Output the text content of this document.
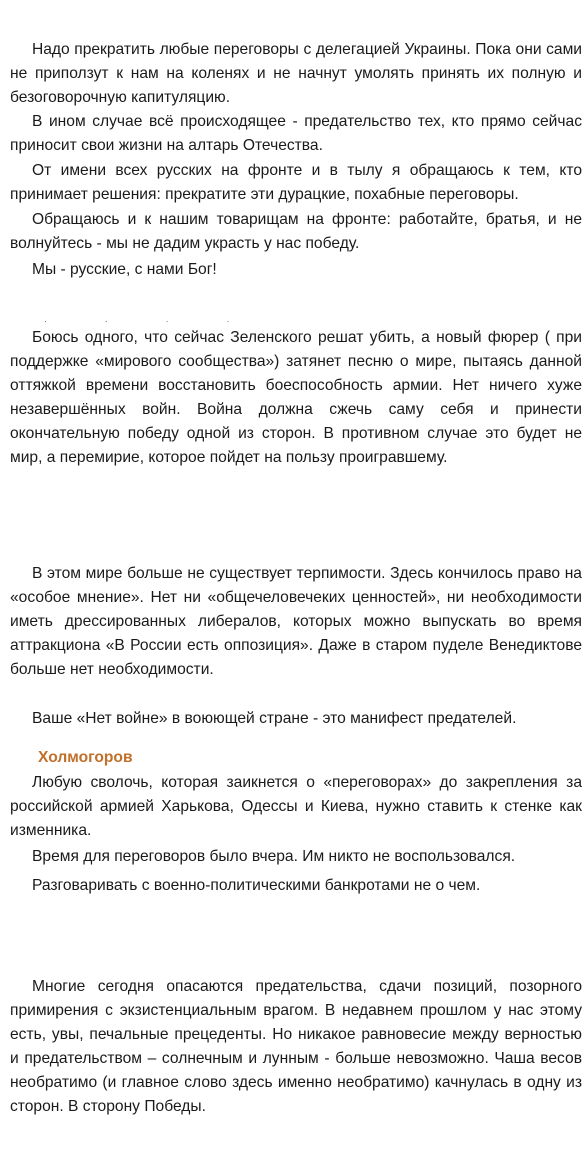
Надо прекратить любые переговоры с делегацией Украины. Пока они сами не приползут к нам на коленях и не начнут умолять принять их полную и безоговорочную капитуляцию.

В ином случае всё происходящее - предательство тех, кто прямо сейчас приносит свои жизни на алтарь Отечества.

От имени всех русских на фронте и в тылу я обращаюсь к тем, кто принимает решения: прекратите эти дурацкие, похабные переговоры.

Обращаюсь и к нашим товарищам на фронте: работайте, братья, и не волнуйтесь - мы не дадим украсть у нас победу.

Мы - русские, с нами Бог!

· · · ·

Боюсь одного, что сейчас Зеленского решат убить, а новый фюрер ( при поддержке «мирового сообщества») затянет песню о мире, пытаясь данной оттяжкой времени восстановить боеспособность армии. Нет ничего хуже незавершённых войн. Война должна сжечь саму себя и принести окончательную победу одной из сторон. В противном случае это будет не мир, а перемирие, которое пойдет на пользу проигравшему.

В этом мире больше не существует терпимости. Здесь кончилось право на «особое мнение». Нет ни «общечеловечеких ценностей», ни необходимости иметь дрессированных либералов, которых можно выпускать во время аттракциона «В России есть оппозиция». Даже в старом пуделе Венедиктове больше нет необходимости.

Ваше «Нет войне» в воюющей стране - это манифест предателей.

Холмогоров

Любую сволочь, которая заикнется о «переговорах» до закрепления за российской армией Харькова, Одессы и Киева, нужно ставить к стенке как изменника.

Время для переговоров было вчера. Им никто не воспользовался.

Разговаривать с военно-политическими банкротами не о чем.

Многие сегодня опасаются предательства, сдачи позиций, позорного примирения с экзистенциальным врагом. В недавнем прошлом у нас этому есть, увы, печальные прецеденты. Но никакое равновесие между верностью и предательством – солнечным и лунным - больше невозможно. Чаша весов необратимо (и главное слово здесь именно необратимо) качнулась в одну из сторон. В сторону Победы.
